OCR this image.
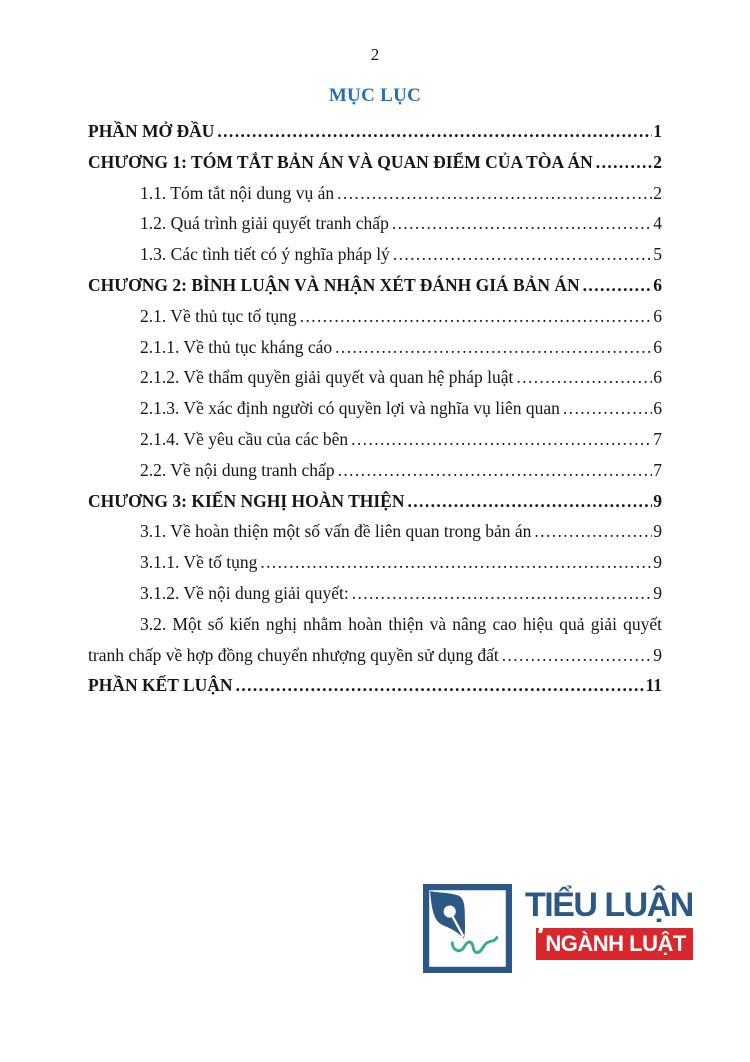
2
MỤC LỤC
PHẦN MỞ ĐẦU .....	1
CHƯƠNG 1: TÓM TẮT BẢN ÁN VÀ QUAN ĐIỂM CỦA TÒA ÁN .....	2
1.1. Tóm tắt nội dung vụ án .....	2
1.2. Quá trình giải quyết tranh chấp .....	4
1.3. Các tình tiết có ý nghĩa pháp lý .....	5
CHƯƠNG 2: BÌNH LUẬN VÀ NHẬN XÉT ĐÁNH GIÁ BẢN ÁN .....	6
2.1. Về thủ tục tố tụng .....	6
2.1.1. Về thủ tục kháng cáo .....	6
2.1.2. Về thẩm quyền giải quyết và quan hệ pháp luật .....	6
2.1.3. Về xác định người có quyền lợi và nghĩa vụ liên quan .....	6
2.1.4. Về yêu cầu của các bên .....	7
2.2. Về nội dung tranh chấp .....	7
CHƯƠNG 3: KIẾN NGHỊ HOÀN THIỆN .....	9
3.1. Về hoàn thiện một số vấn đề liên quan trong bản án .....	9
3.1.1. Về tố tụng .....	9
3.1.2. Về nội dung giải quyết: .....	9
3.2. Một số kiến nghị nhằm hoàn thiện và nâng cao hiệu quả giải quyết
tranh chấp về hợp đồng chuyển nhượng quyền sử dụng đất .....	9
PHẦN KẾT LUẬN .....	11
TIỂU LUẬN
NGÀNH LUẬT
